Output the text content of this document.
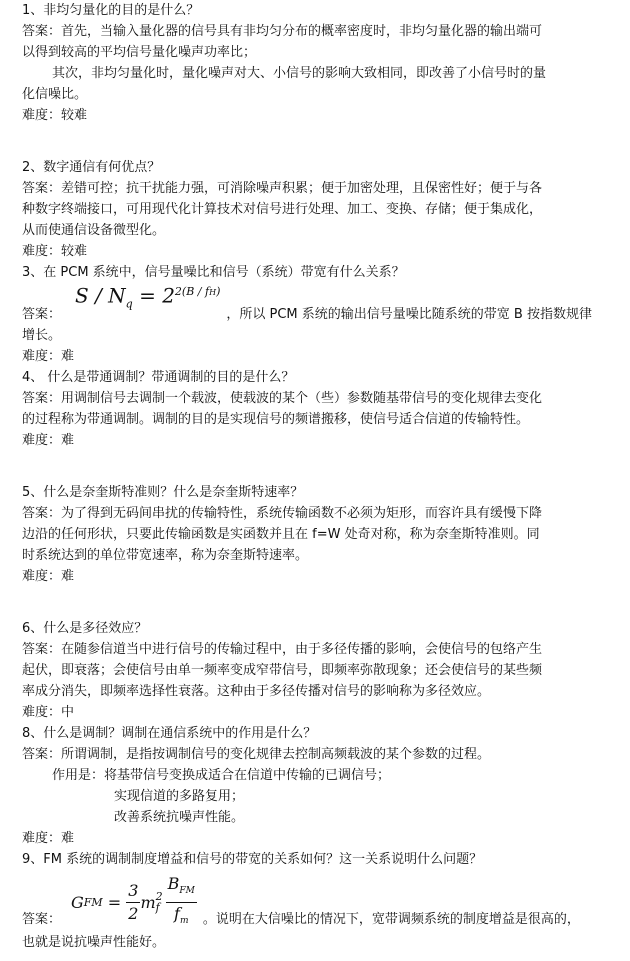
1、非均匀量化的目的是什么？
答案：首先，当输入量化器的信号具有非均匀分布的概率密度时，非均匀量化器的输出端可
以得到较高的平均信号量化噪声功率比；
其次，非均匀量化时，量化噪声对大、小信号的影响大致相同，即改善了小信号时的量
化信噪比。
难度：较难
2、数字通信有何优点？
答案：差错可控；抗干扰能力强，可消除噪声积累；便于加密处理，且保密性好；便于与各
种数字终端接口，可用现代化计算技术对信号进行处理、加工、变换、存储；便于集成化，
从而使通信设备微型化。
难度：较难
3、在 PCM 系统中，信号量噪比和信号（系统）带宽有什么关系？
答案：
$S / N_q = 2^{2(B / fH)}$
，所以 PCM 系统的输出信号量噪比随系统的带宽 B 按指数规律
增长。
难度：难
4、 什么是带通调制？带通调制的目的是什么？
答案：用调制信号去调制一个载波，使载波的某个（些）参数随基带信号的变化规律去变化
的过程称为带通调制。调制的目的是实现信号的频谱搬移，使信号适合信道的传输特性。
难度：难
5、什么是奈奎斯特准则？什么是奈奎斯特速率？
答案：为了得到无码间串扰的传输特性，系统传输函数不必须为矩形，而容许具有缓慢下降
边沿的任何形状，只要此传输函数是实函数并且在 f=W 处奇对称，称为奈奎斯特准则。同
时系统达到的单位带宽速率，称为奈奎斯特速率。
难度：难
6、什么是多径效应？
答案：在随参信道当中进行信号的传输过程中，由于多径传播的影响，会使信号的包络产生
起伏，即衰落；会使信号由单一频率变成窄带信号，即频率弥散现象；还会使信号的某些频
率成分消失，即频率选择性衰落。这种由于多径传播对信号的影响称为多径效应。
难度：中
8、什么是调制？调制在通信系统中的作用是什么？
答案：所谓调制，是指按调制信号的变化规律去控制高频载波的某个参数的过程。
作用是：将基带信号变换成适合在信道中传输的已调信号；
实现信道的多路复用；
改善系统抗噪声性能。
难度：难
9、FM 系统的调制制度增益和信号的带宽的关系如何？这一关系说明什么问题？
答案：
G FM = $\frac{3}{2}$ m 2
f $\frac{B_{FM}}{f_m}$ 。说明在大信噪比的情况下，宽带调频系统的制度增益是很高的，
也就是说抗噪声性能好。
